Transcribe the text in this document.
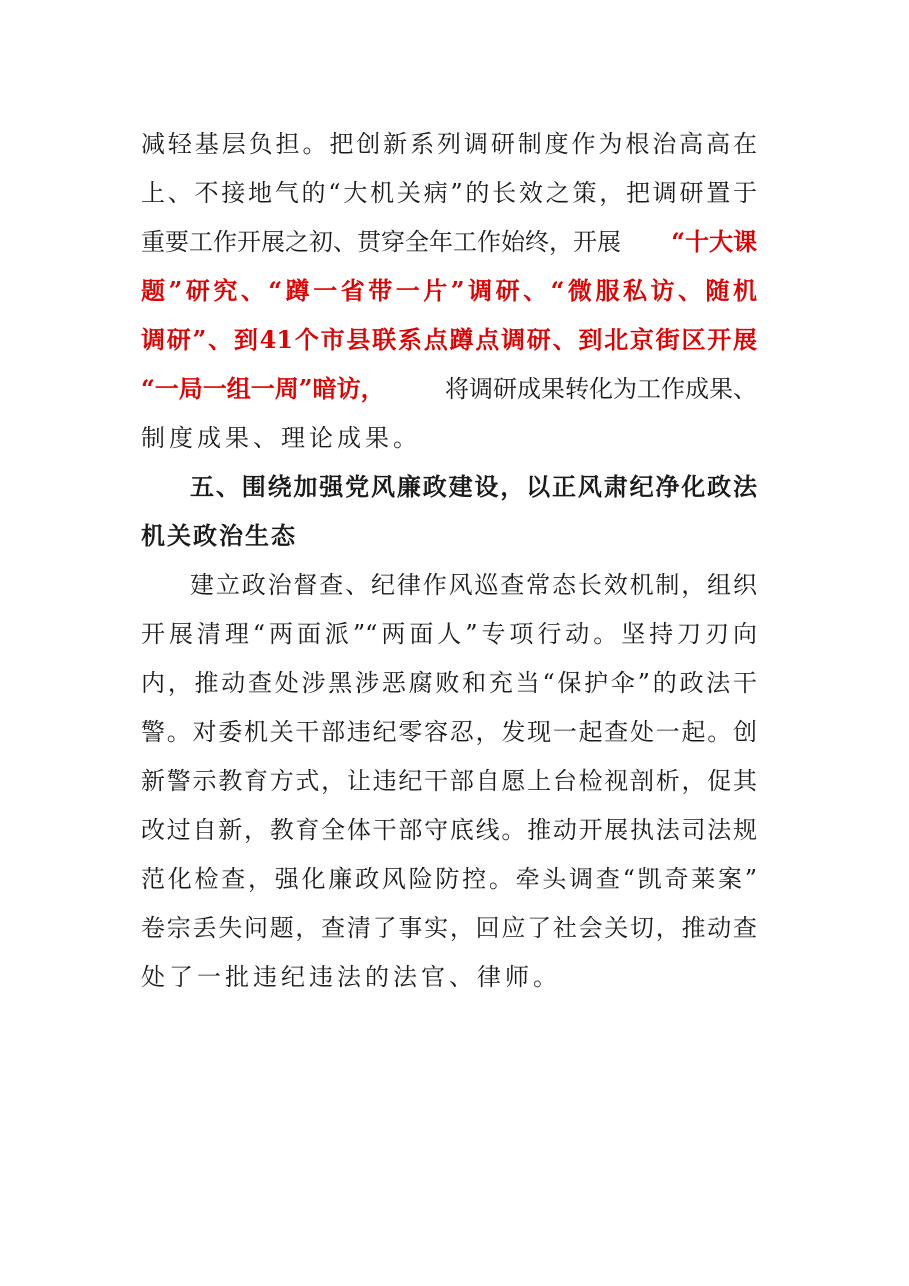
减轻基层负担。把创新系列调研制度作为根治高高在
上、不接地气的“大机关病”的长效之策，把调研置于
重要工作开展之初、贯穿全年工作始终，开展 “十大课
题”研究、“蹲一省带一片”调研、“微服私访、随机
调研”、到41个市县联系点蹲点调研、到北京街区开展
“一局一组一周”暗访，	将调研成果转化为工作成果、
制度成果、理论成果。
五、围绕加强党风廉政建设，以正风肃纪净化政法
机关政治生态
建立政治督查、纪律作风巡查常态长效机制，组织
开展清理“两面派”“两面人”专项行动。坚持刀刃向
内，推动查处涉黑涉恶腐败和充当“保护伞”的政法干
警。对委机关干部违纪零容忍，发现一起查处一起。创
新警示教育方式，让违纪干部自愿上台检视剖析，促其
改过自新，教育全体干部守底线。推动开展执法司法规
范化检查，强化廉政风险防控。牵头调查“凯奇莱案”
卷宗丢失问题，查清了事实，回应了社会关切，推动查
处了一批违纪违法的法官、律师。
